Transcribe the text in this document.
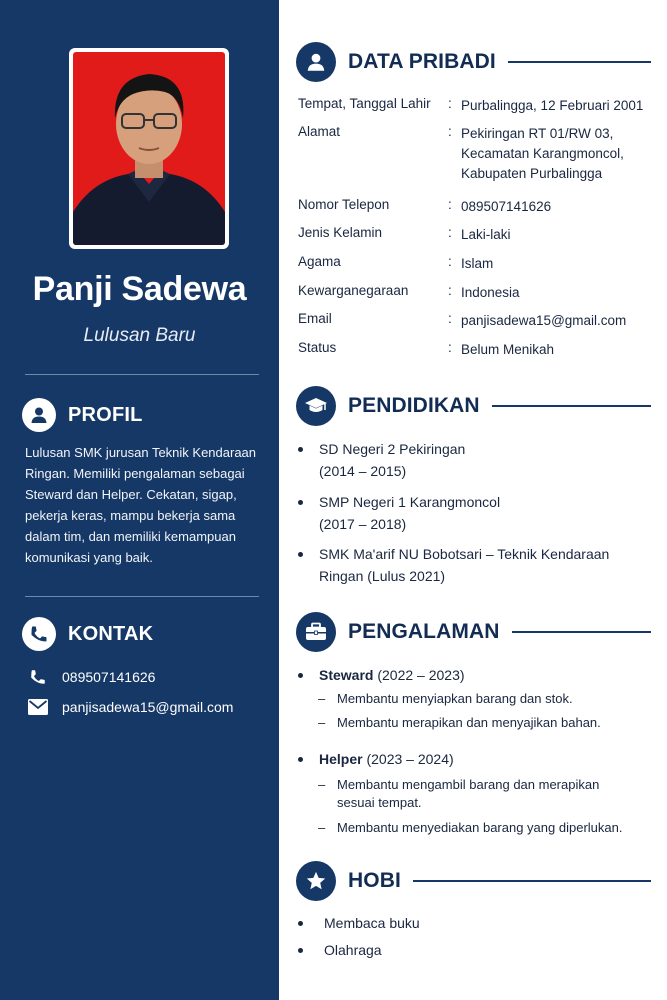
Panji Sadewa
Lulusan Baru
PROFIL
Lulusan SMK jurusan Teknik Kendaraan Ringan. Memiliki pengalaman sebagai Steward dan Helper. Cekatan, sigap, pekerja keras, mampu bekerja sama dalam tim, dan memiliki kemampuan komunikasi yang baik.
KONTAK
089507141626
panjisadewa15@gmail.com
DATA PRIBADI
Tempat, Tanggal Lahir : Purbalingga, 12 Februari 2001
Alamat	: Pekiringan RT 01/RW 03, Kecamatan Karangmoncol, Kabupaten Purbalingga
Nomor Telepon	: 089507141626
Jenis Kelamin	: Laki-laki
Agama	: Islam
Kewarganegaraan	: Indonesia
Email	: panjisadewa15@gmail.com
Status	: Belum Menikah
PENDIDIKAN
SD Negeri 2 Pekiringan
(2014 – 2015)
SMP Negeri 1 Karangmoncol
(2017 – 2018)
SMK Ma'arif NU Bobotsari – Teknik Kendaraan
Ringan (Lulus 2021)
PENGALAMAN
Steward (2022 – 2023)
– Membantu menyiapkan barang dan stok.
– Membantu merapikan dan menyajikan bahan.
Helper (2023 – 2024)
– Membantu mengambil barang dan merapikan sesuai tempat.
– Membantu menyediakan barang yang diperlukan.
HOBI
Membaca buku
Olahraga
